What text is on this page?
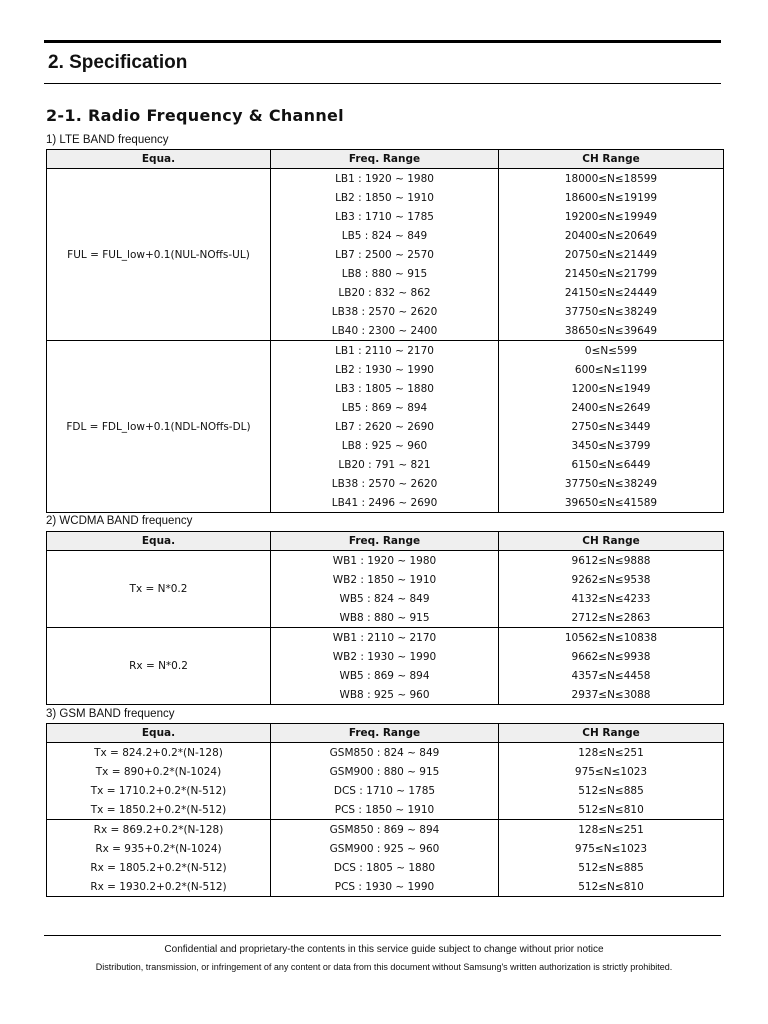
2. Specification
2-1. Radio Frequency & Channel

1) LTE BAND frequency

Equa.	Freq. Range	CH Range
FUL = FUL_low+0.1(NUL-NOffs-UL)	LB1 : 1920 ~ 1980	18000≤N≤18599
	LB2 : 1850 ~ 1910	18600≤N≤19199
	LB3 : 1710 ~ 1785	19200≤N≤19949
	LB5 : 824 ~ 849	20400≤N≤20649
	LB7 : 2500 ~ 2570	20750≤N≤21449
	LB8 : 880 ~ 915	21450≤N≤21799
	LB20 : 832 ~ 862	24150≤N≤24449
	LB38 : 2570 ~ 2620	37750≤N≤38249
	LB40 : 2300 ~ 2400	38650≤N≤39649
FDL = FDL_low+0.1(NDL-NOffs-DL)	LB1 : 2110 ~ 2170	0≤N≤599
	LB2 : 1930 ~ 1990	600≤N≤1199
	LB3 : 1805 ~ 1880	1200≤N≤1949
	LB5 : 869 ~ 894	2400≤N≤2649
	LB7 : 2620 ~ 2690	2750≤N≤3449
	LB8 : 925 ~ 960	3450≤N≤3799
	LB20 : 791 ~ 821	6150≤N≤6449
	LB38 : 2570 ~ 2620	37750≤N≤38249
	LB41 : 2496 ~ 2690	39650≤N≤41589

2) WCDMA BAND frequency

Equa.	Freq. Range	CH Range
Tx = N*0.2	WB1 : 1920 ~ 1980	9612≤N≤9888
	WB2 : 1850 ~ 1910	9262≤N≤9538
	WB5 : 824 ~ 849	4132≤N≤4233
	WB8 : 880 ~ 915	2712≤N≤2863
Rx = N*0.2	WB1 : 2110 ~ 2170	10562≤N≤10838
	WB2 : 1930 ~ 1990	9662≤N≤9938
	WB5 : 869 ~ 894	4357≤N≤4458
	WB8 : 925 ~ 960	2937≤N≤3088

3) GSM BAND frequency

Equa.	Freq. Range	CH Range
Tx = 824.2+0.2*(N-128)	GSM850 : 824 ~ 849	128≤N≤251
Tx = 890+0.2*(N-1024)	GSM900 : 880 ~ 915	975≤N≤1023
Tx = 1710.2+0.2*(N-512)	DCS : 1710 ~ 1785	512≤N≤885
Tx = 1850.2+0.2*(N-512)	PCS : 1850 ~ 1910	512≤N≤810
Rx = 869.2+0.2*(N-128)	GSM850 : 869 ~ 894	128≤N≤251
Rx = 935+0.2*(N-1024)	GSM900 : 925 ~ 960	975≤N≤1023
Rx = 1805.2+0.2*(N-512)	DCS : 1805 ~ 1880	512≤N≤885
Rx = 1930.2+0.2*(N-512)	PCS : 1930 ~ 1990	512≤N≤810

Confidential and proprietary-the contents in this service guide subject to change without prior notice

Distribution, transmission, or infringement of any content or data from this document without Samsung's written authorization is strictly prohibited.
